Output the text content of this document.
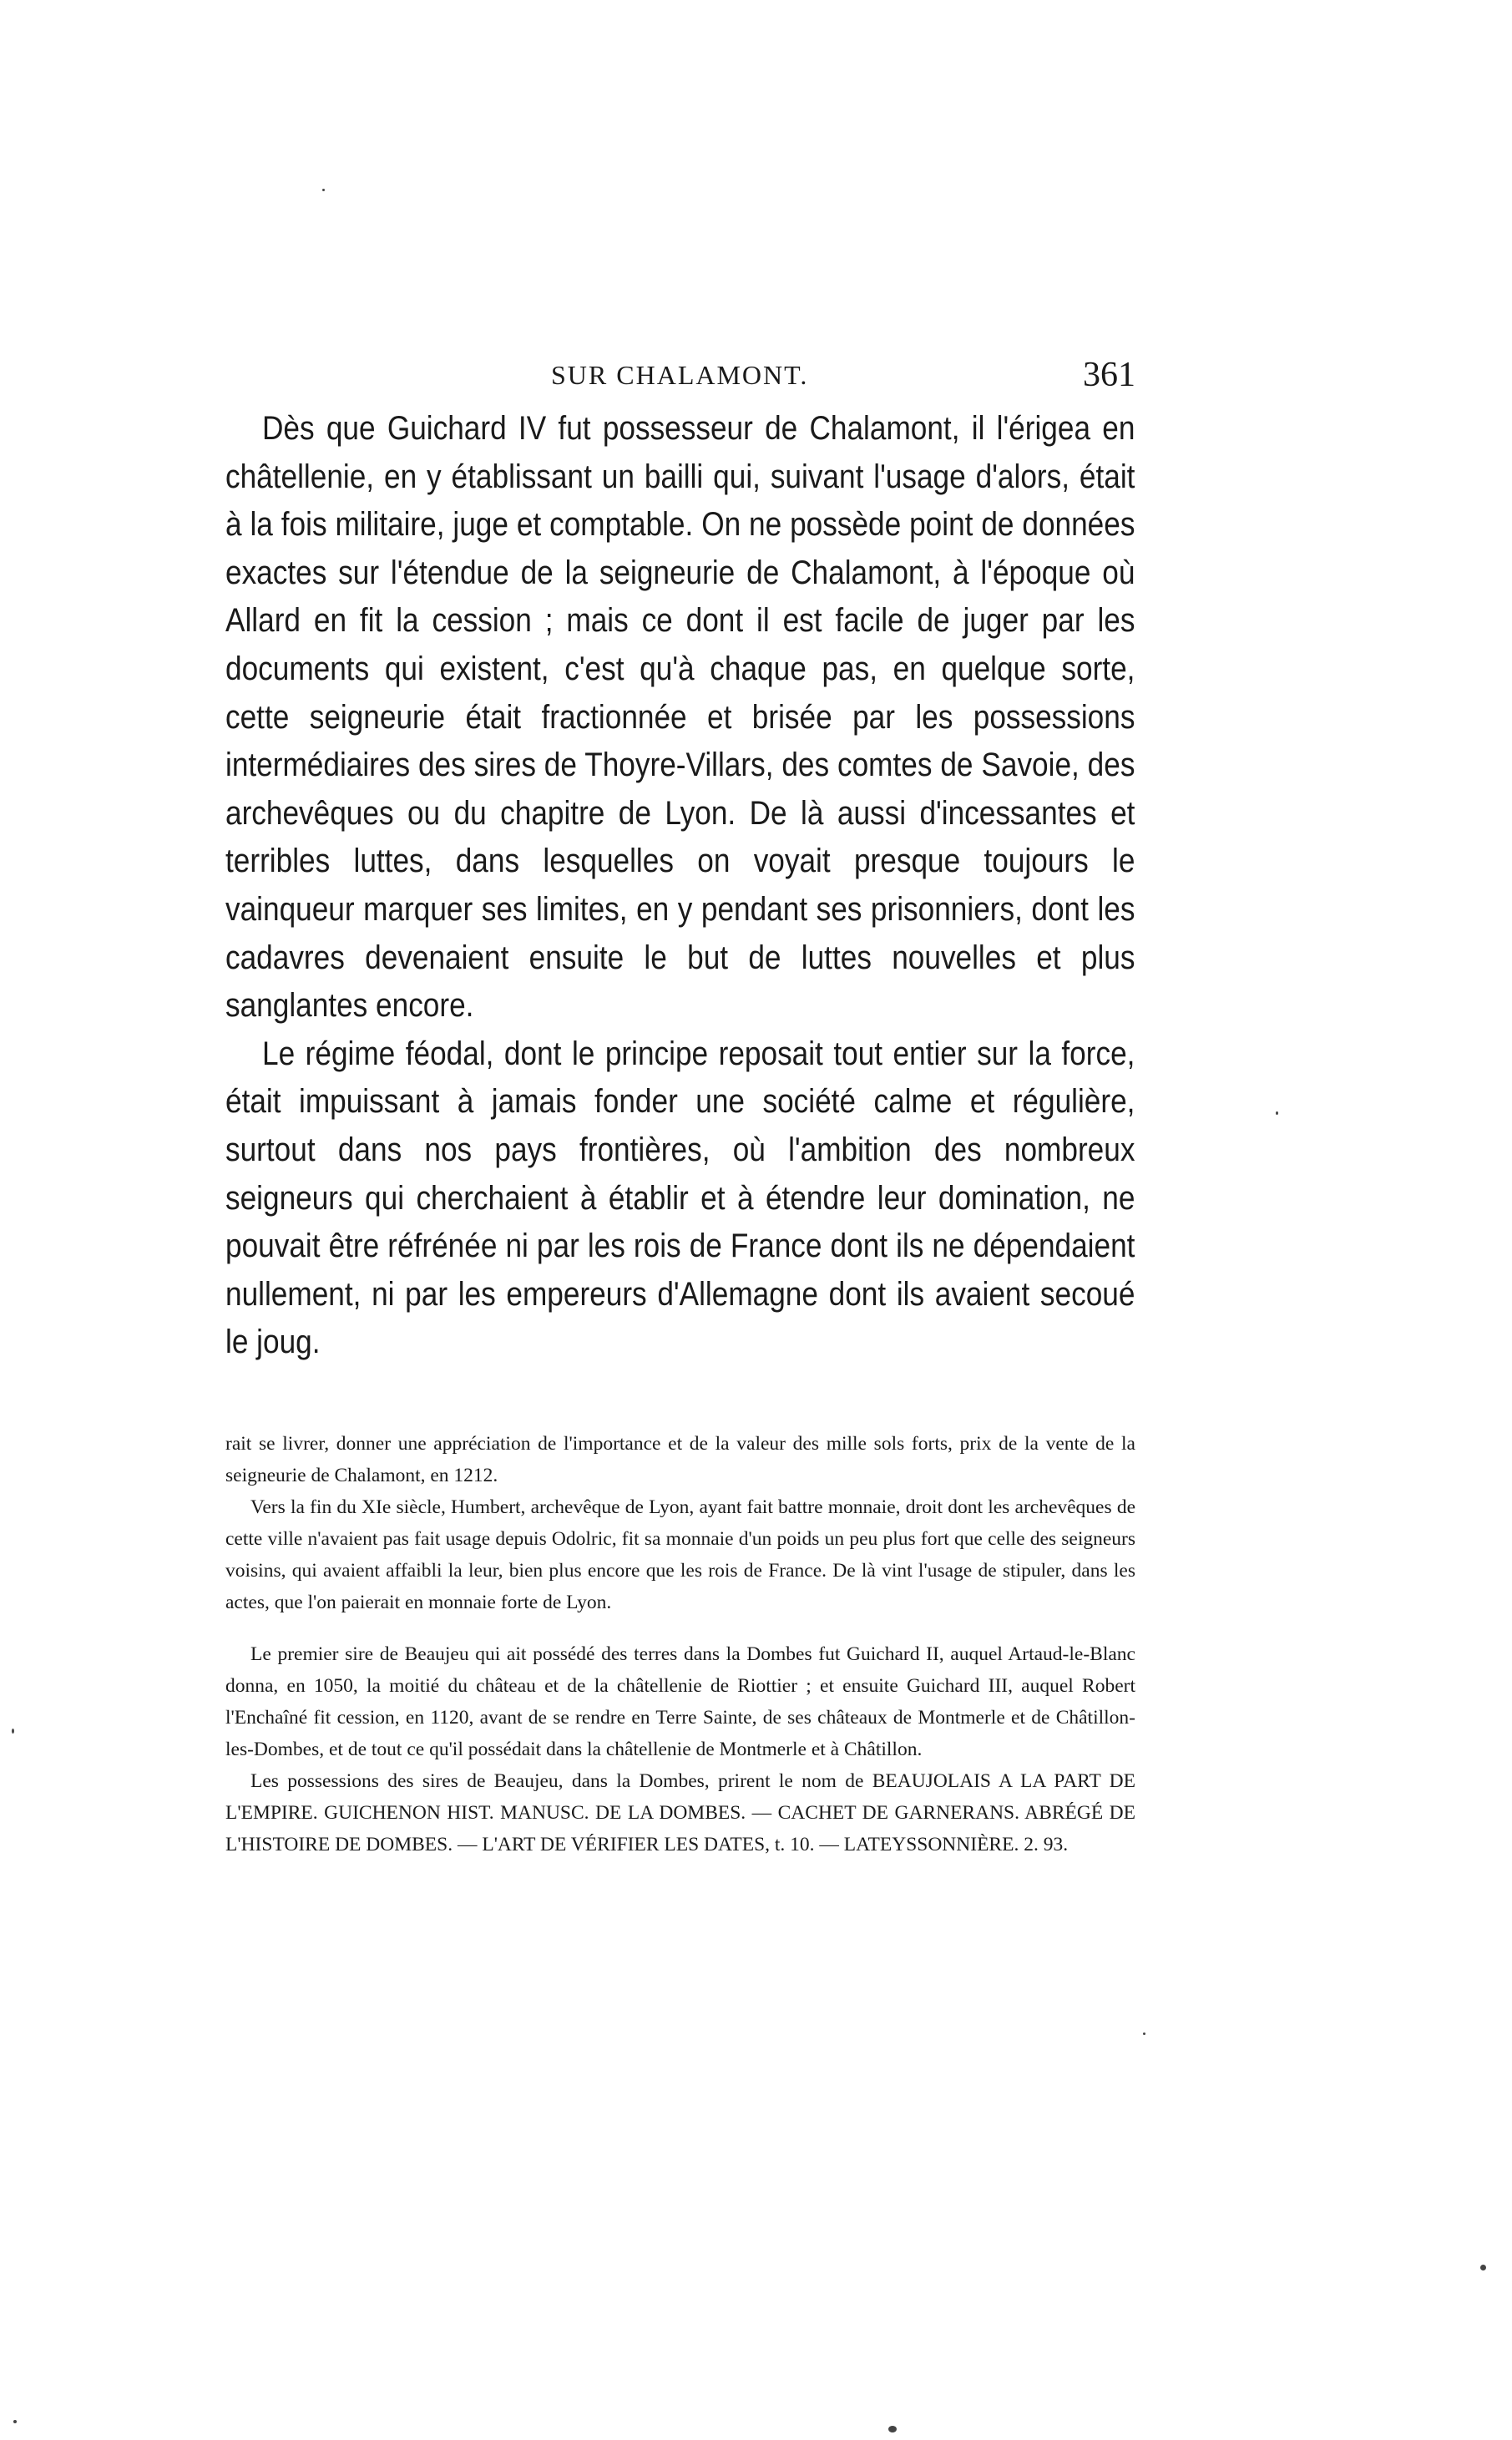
SUR CHALAMONT.	361

Dès que Guichard IV fut possesseur de Chalamont, il l'érigea en châtellenie, en y établissant un bailli qui, suivant l'usage d'alors, était à la fois militaire, juge et comptable. On ne possède point de données exactes sur l'étendue de la seigneurie de Chalamont, à l'époque où Allard en fit la cession ; mais ce dont il est facile de juger par les documents qui existent, c'est qu'à chaque pas, en quelque sorte, cette seigneurie était fractionnée et brisée par les possessions intermédiaires des sires de Thoyre-Villars, des comtes de Savoie, des archevêques ou du chapitre de Lyon. De là aussi d'incessantes et terribles luttes, dans lesquelles on voyait presque toujours le vainqueur marquer ses limites, en y pendant ses prisonniers, dont les cadavres devenaient ensuite le but de luttes nouvelles et plus sanglantes encore.

Le régime féodal, dont le principe reposait tout entier sur la force, était impuissant à jamais fonder une société calme et régulière, surtout dans nos pays frontières, où l'ambition des nombreux seigneurs qui cherchaient à établir et à étendre leur domination, ne pouvait être réfrénée ni par les rois de France dont ils ne dépendaient nullement, ni par les empereurs d'Allemagne dont ils avaient secoué le joug.

rait se livrer, donner une appréciation de l'importance et de la valeur des mille sols forts, prix de la vente de la seigneurie de Chalamont, en 1212.

Vers la fin du XIe siècle, Humbert, archevêque de Lyon, ayant fait battre monnaie, droit dont les archevêques de cette ville n'avaient pas fait usage depuis Odolric, fit sa monnaie d'un poids un peu plus fort que celle des seigneurs voisins, qui avaient affaibli la leur, bien plus encore que les rois de France. De là vint l'usage de stipuler, dans les actes, que l'on paierait en monnaie forte de Lyon.

Le premier sire de Beaujeu qui ait possédé des terres dans la Dombes fut Guichard II, auquel Artaud-le-Blanc donna, en 1050, la moitié du château et de la châtellenie de Riottier ; et ensuite Guichard III, auquel Robert l'Enchaîné fit cession, en 1120, avant de se rendre en Terre Sainte, de ses châteaux de Montmerle et de Châtillon-les-Dombes, et de tout ce qu'il possédait dans la châtellenie de Montmerle et à Châtillon.

Les possessions des sires de Beaujeu, dans la Dombes, prirent le nom de BEAUJOLAIS A LA PART DE L'EMPIRE. GUICHENON HIST. MANUSC. DE LA DOMBES. — CACHET DE GARNERANS. ABRÉGÉ DE L'HISTOIRE DE DOMBES. — L'ART DE VÉRIFIER LES DATES, t. 10. — LATEYSSONNIÈRE. 2. 93.
